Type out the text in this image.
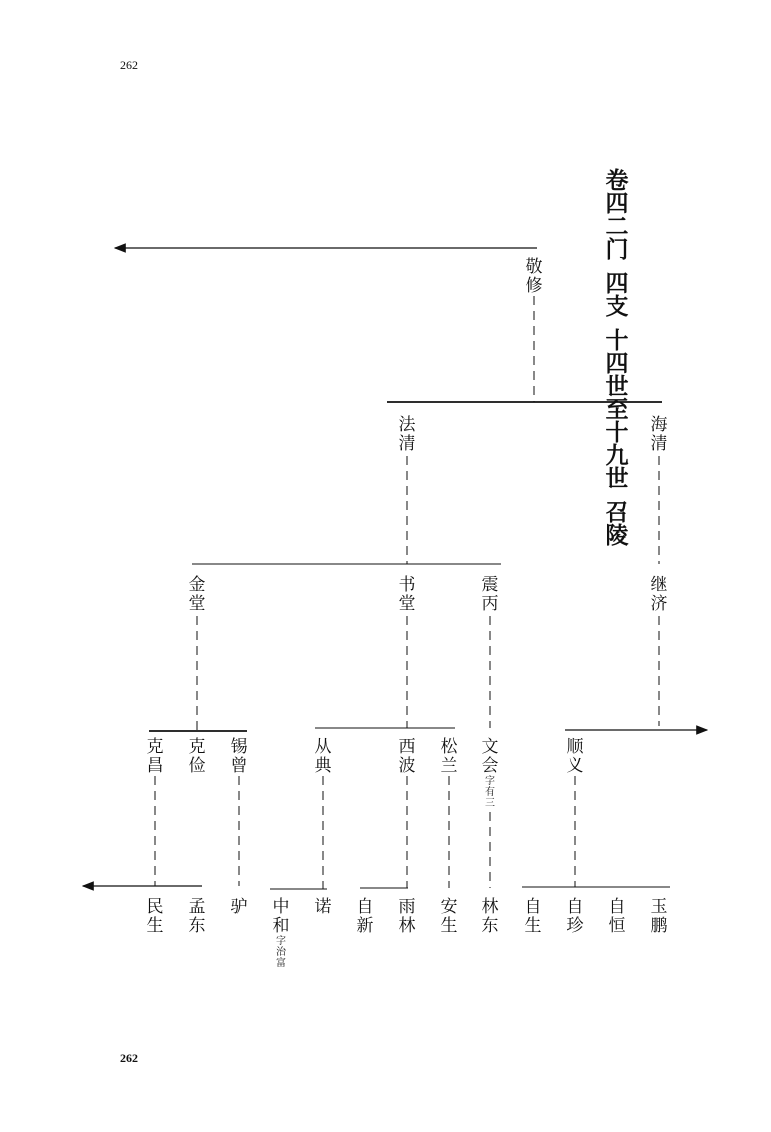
262
262
卷
四
二
门
四
支
十
四
世
至
十
九
世
召
陵
敬
修
法
清
海
清
金
堂
书
堂
震
丙
继
济
克
昌
克
俭
锡
曾
从
典
西
波
松
兰
文
会
字
有
三
顺
义
民
生
孟
东
驴 中
和
字
治
富
诺 自
新
雨
林
安
生
林
东
自
生
自
珍
自
恒
玉
鹏
